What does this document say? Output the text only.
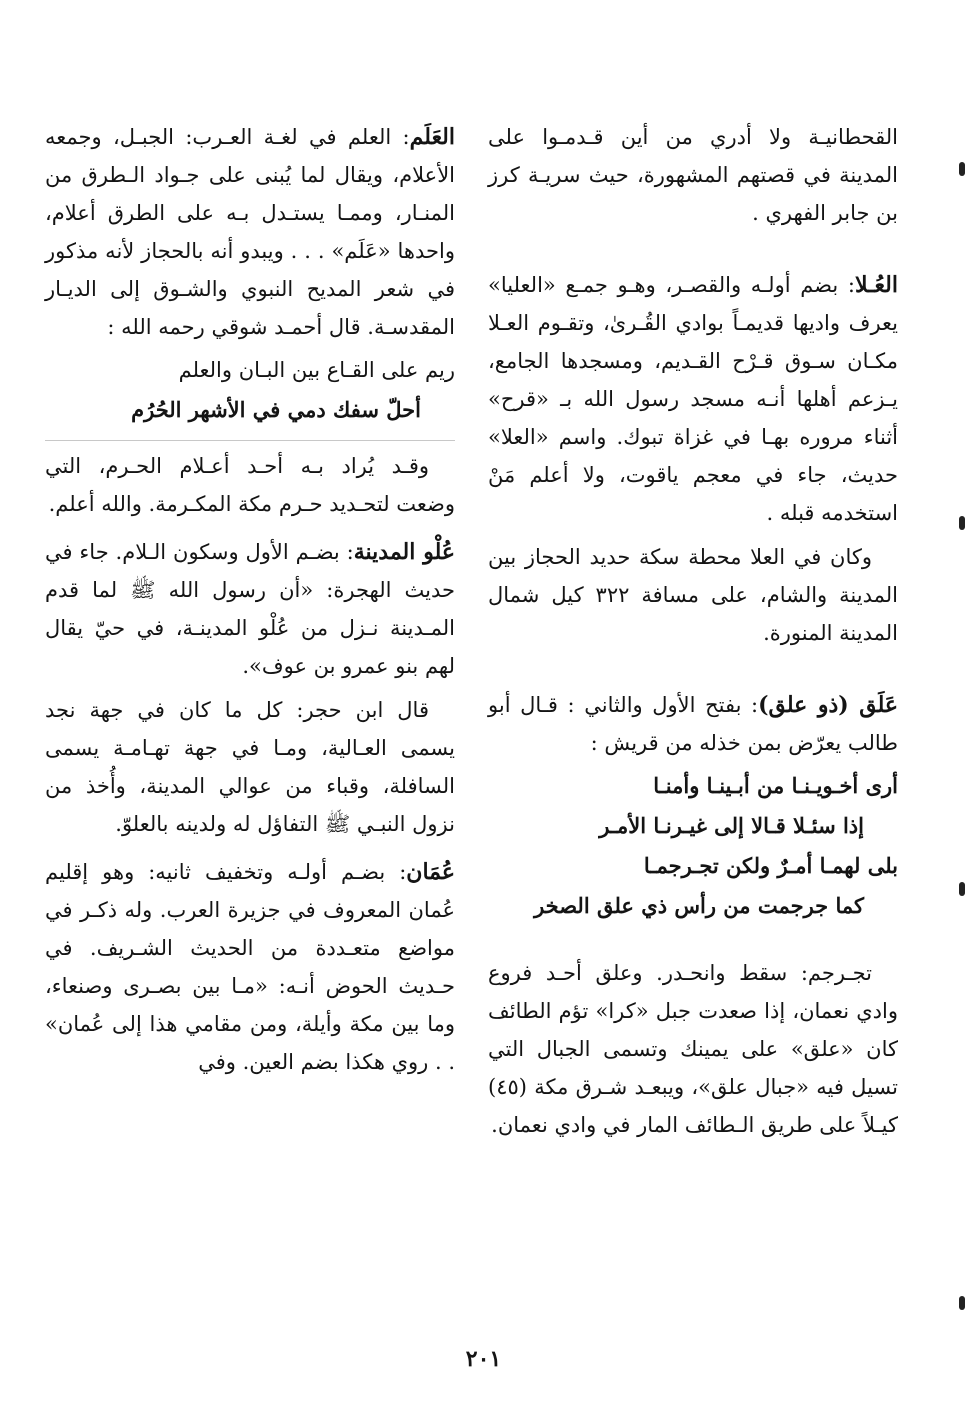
القحطانيـة ولا أدري من أين قـدمـوا على المدينة في قصتهم المشهورة، حيث سريـة كرز بن جابر الفهري .

العُـلا: بضم أولـه والقصـر، وهـو جمـع «العليا» يعرف واديها قديمـاً بوادي القُـرىٰ، وتقـوم العـلا مكـان سـوق قـرْح القـديم، ومسجدها الجامع، يـزعم أهلها أنـه مسجد رسول الله بـ «قرح» أثناء مروره بهـا في غزاة تبوك. واسم «العلا» حديث، جاء في معجم ياقوت، ولا أعلم مَنْ استخدمه قبله .

وكان في العلا محطة سكة حديد الحجاز بين المدينة والشام، على مسافة ٣٢٢ كيل شمال المدينة المنورة.

عَلَق (ذو علق): بفتح الأول والثاني : قـال أبو طالب يعرّض بمن خذله من قريش :
أرى أخـويـنـا من أبـينـا وأمنـا
إذا سئـلا قـالا إلى غيـرنـا الأمـر
بلى لهمـا أمـرٌ ولكن تجـرجمـا
كما جرجمت من رأس ذي علق الصخر

تجـرجم: سقط وانحـدر. وعلق أحـد فروع وادي نعمان، إذا صعدت جبل «كرا» تؤم الطائف كان «علق» على يمينك وتسمى الجبال التي تسيل فيه «جبال علق»، ويبعـد شـرق مكة (٤٥) كيـلاً على طريق الـطائف المار في وادي نعمان.

العَلَم: العلم في لغـة العـرب: الجبـل، وجمعه الأعلام، ويقال لما يُبنى على جـواد الـطرق من المنـار، وممـا يستـدل بـه على الطرق أعلام، واحدها «عَلَم» . . . ويبدو أنه بالحجاز لأنه مذكور في شعر المديح النبوي والشـوق إلى الديـار المقدسـة. قال أحمـد شوقي رحمه الله :
ريم على القـاع بين البـان والعلم
أحلّ سفك دمي في الأشهر الحُرُم

وقـد يُراد بـه أحـد أعـلام الحـرم، التي وضعت لتحـديد حـرم مكة المكـرمة. والله أعلم.

عُلْو المدينة: بضـم الأول وسكون الـلام. جاء في حديث الهجرة: «أن رسول الله ﷺ لما قدم المـدينة نـزل من عُلْو المدينـة، في حيّ يقال لهم بنو عمرو بن عوف».

قال ابن حجر: كل ما كان في جهة نجد يسمى العـالية، ومـا في جهة تهـامـة يسمى السافلة، وقباء من عوالي المدينة، وأُخذ من نزول النبـي ﷺ التفاؤل له ولدينه بالعلوّ.

عُمَان: بضـم أولـه وتخفيف ثانيه: وهو إقليم عُمان المعروف في جزيرة العرب. وله ذكـر في مواضع متعـددة من الحديث الشـريف. في حـديث الحوض أنـه: «مـا بين بصـرى وصنعاء، وما بين مكة وأيلة، ومن مقامي هذا إلى عُمان» . . روي هكذا بضم العين. وفي
٢٠١
